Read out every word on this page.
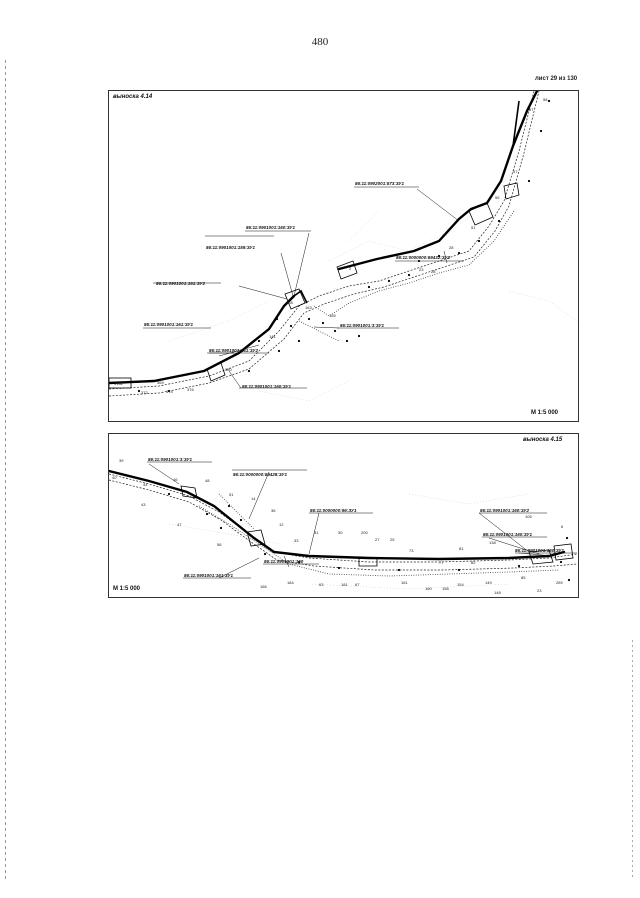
480
лист 29 из 130
86:11:0902001:573:ЗУ1
86:11:0901001:160:ЗУ1
86:11:0901001:159:ЗУ1
86:11:0000000:69432:ЗУ2
86:11:0901001:161:ЗУ2
86:11:0901001:3:ЗУ1
86:11:0901001:161:ЗУ1
86:11:0901001:161:ЗУ2
86:11:0901001:160:ЗУ1
3162	369
372	374	376
380
141
158
163
155
2	23 28
28
51
55
57
57
58
выноска 4.14
М 1:5 000
86:11:0901001:3:ЗУ1
86:11:0000000:69428:ЗУ1
86:11:0000000:96:ЗУ1	86:11:0901001:160:ЗУ2
86:11:0901001:160:ЗУ1
86:11:0901001:160:ЗУ1
86:11:0901001:160
86:11:0901001:161:ЗУ1
39
40
44
43
46	48
47
56
51
14
36
12
33
31	30	200
27	25
73
77
81
82
138
105
6
166
184	63	181 67	161
160	158
154	149
148
85
23
289
выноска 4.15
М 1:5 000
